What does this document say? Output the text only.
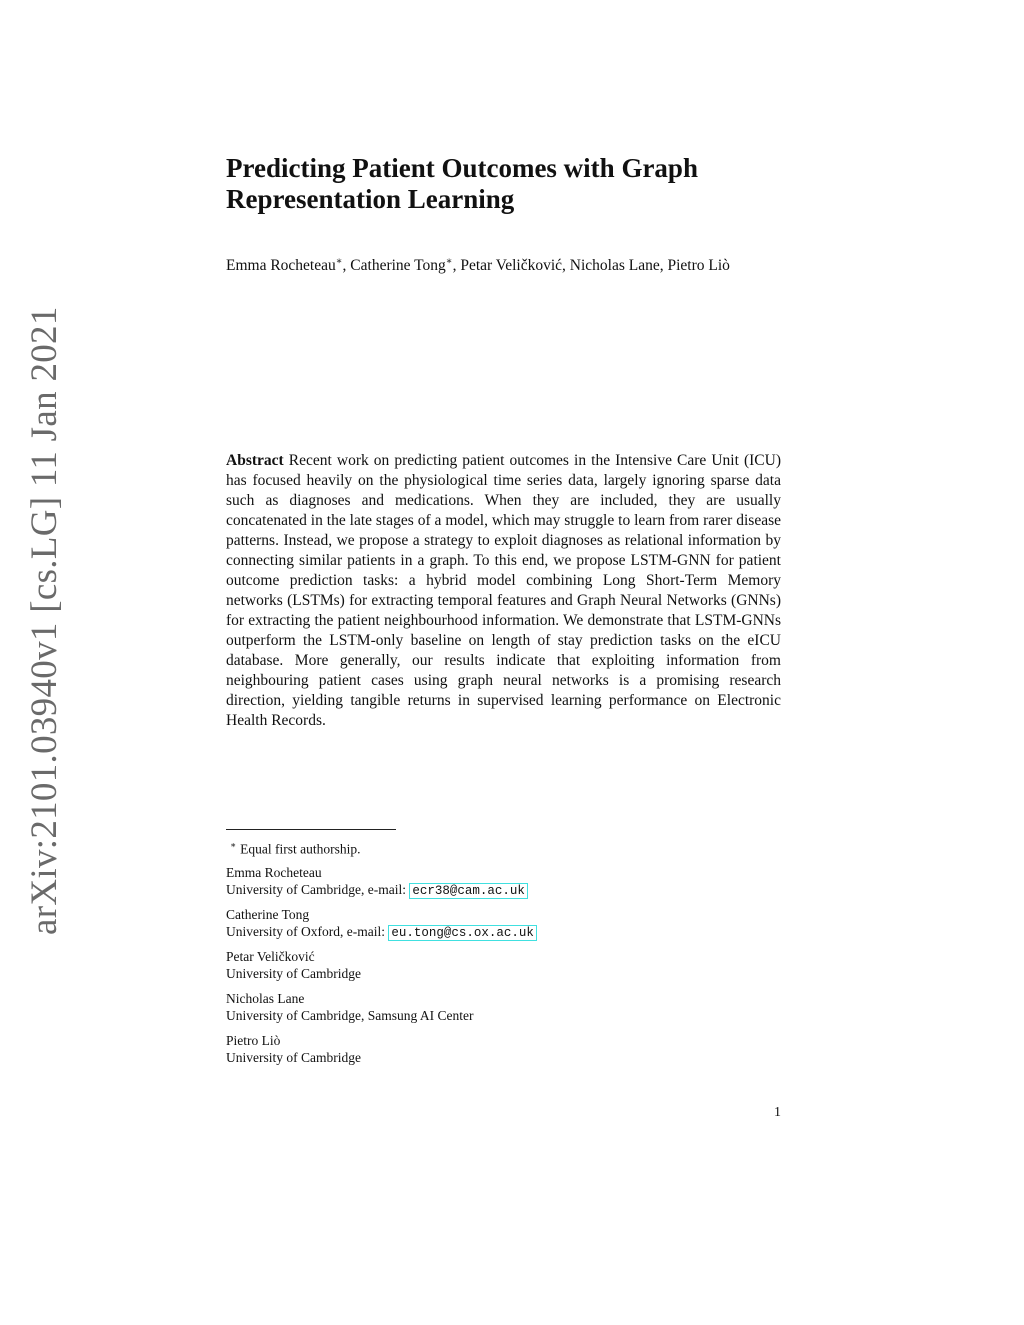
arXiv:2101.03940v1 [cs.LG] 11 Jan 2021
Predicting Patient Outcomes with Graph
Representation Learning
Emma Rocheteau∗, Catherine Tong∗, Petar Veličković, Nicholas Lane, Pietro Liò

Abstract Recent work on predicting patient outcomes in the Intensive Care Unit (ICU) has focused heavily on the physiological time series data, largely ignoring sparse data such as diagnoses and medications. When they are included, they are usually concatenated in the late stages of a model, which may struggle to learn from rarer disease patterns. Instead, we propose a strategy to exploit diagnoses as relational information by connecting similar patients in a graph. To this end, we propose LSTM-GNN for patient outcome prediction tasks: a hybrid model combining Long Short-Term Memory networks (LSTMs) for extracting temporal features and Graph Neural Networks (GNNs) for extracting the patient neighbourhood information. We demonstrate that LSTM-GNNs outperform the LSTM-only baseline on length of stay prediction tasks on the eICU database. More generally, our results indicate that exploiting information from neighbouring patient cases using graph neural networks is a promising research direction, yielding tangible returns in supervised learning performance on Electronic Health Records.

∗ Equal first authorship.
Emma Rocheteau
University of Cambridge, e-mail: ecr38@cam.ac.uk
Catherine Tong
University of Oxford, e-mail: eu.tong@cs.ox.ac.uk
Petar Veličković
University of Cambridge
Nicholas Lane
University of Cambridge, Samsung AI Center
Pietro Liò
University of Cambridge
1
